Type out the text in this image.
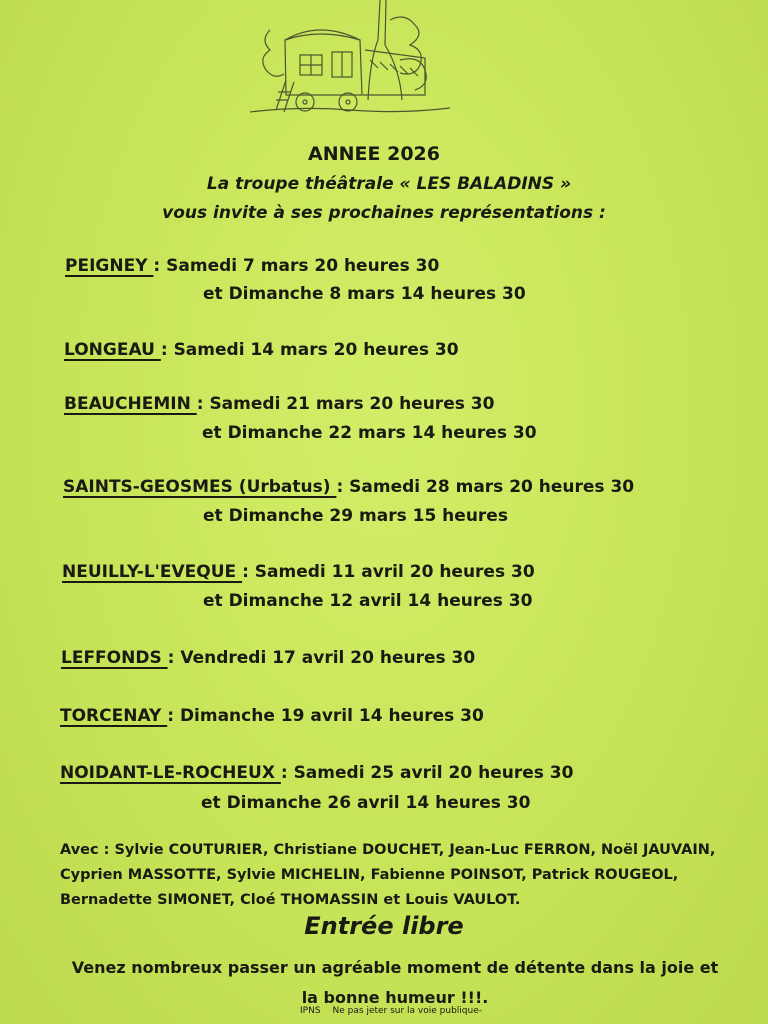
ANNEE 2026
La troupe théâtrale « LES BALADINS »
vous invite à ses prochaines représentations :
PEIGNEY : Samedi 7 mars 20 heures 30
et Dimanche 8 mars 14 heures 30
LONGEAU : Samedi 14 mars 20 heures 30
BEAUCHEMIN : Samedi 21 mars 20 heures 30
et Dimanche 22 mars 14 heures 30
SAINTS-GEOSMES (Urbatus) : Samedi 28 mars 20 heures 30
et Dimanche 29 mars 15 heures
NEUILLY-L'EVEQUE : Samedi 11 avril 20 heures 30
et Dimanche 12 avril 14 heures 30
LEFFONDS : Vendredi 17 avril 20 heures 30
TORCENAY : Dimanche 19 avril 14 heures 30
NOIDANT-LE-ROCHEUX : Samedi 25 avril 20 heures 30
et Dimanche 26 avril 14 heures 30
Avec : Sylvie COUTURIER, Christiane DOUCHET, Jean-Luc FERRON, Noël JAUVAIN, Cyprien MASSOTTE, Sylvie MICHELIN, Fabienne POINSOT, Patrick ROUGEOL, Bernadette SIMONET, Cloé THOMASSIN et Louis VAULOT.
Entrée libre
Venez nombreux passer un agréable moment de détente dans la joie et la bonne humeur !!!.
IPNS Ne pas jeter sur la voie publique-
